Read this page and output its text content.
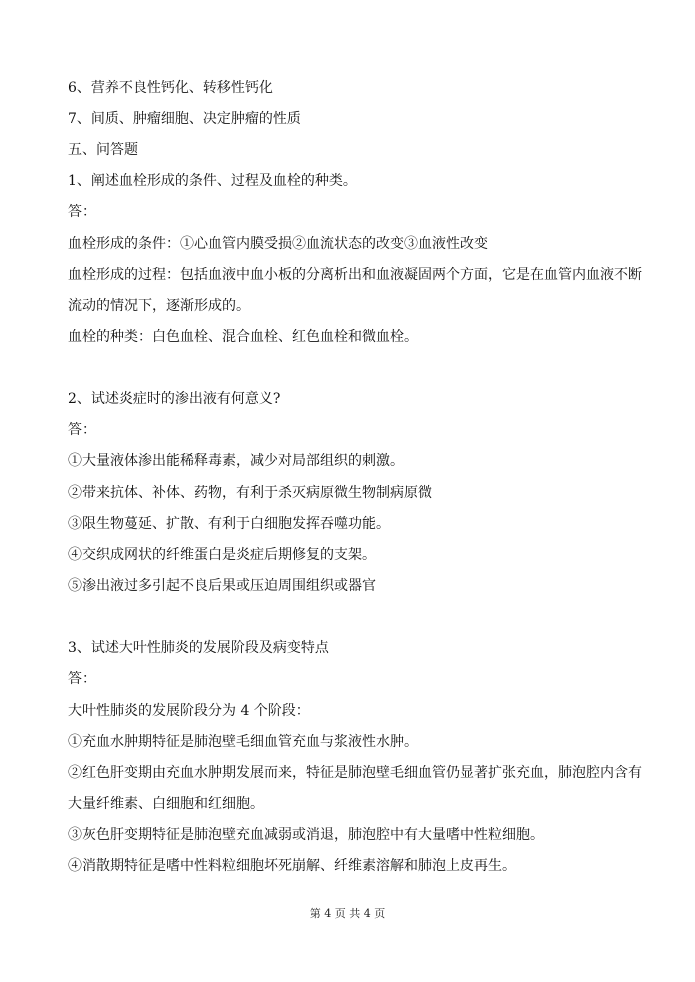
6、营养不良性钙化、转移性钙化
7、间质、肿瘤细胞、决定肿瘤的性质
五、问答题
1、阐述血栓形成的条件、过程及血栓的种类。
答：
血栓形成的条件：①心血管内膜受损②血流状态的改变③血液性改变
血栓形成的过程：包括血液中血小板的分离析出和血液凝固两个方面，它是在血管内血液不断
流动的情况下，逐渐形成的。
血栓的种类：白色血栓、混合血栓、红色血栓和微血栓。
2、试述炎症时的渗出液有何意义?
答：
①大量液体渗出能稀释毒素，减少对局部组织的刺激。
②带来抗体、补体、药物，有利于杀灭病原微生物制病原微
③限生物蔓延、扩散、有利于白细胞发挥吞噬功能。
④交织成网状的纤维蛋白是炎症后期修复的支架。
⑤渗出液过多引起不良后果或压迫周围组织或器官
3、试述大叶性肺炎的发展阶段及病变特点
答：
大叶性肺炎的发展阶段分为 4 个阶段：
①充血水肿期特征是肺泡壁毛细血管充血与浆液性水肿。
②红色肝变期由充血水肿期发展而来，特征是肺泡壁毛细血管仍显著扩张充血，肺泡腔内含有
大量纤维素、白细胞和红细胞。
③灰色肝变期特征是肺泡壁充血减弱或消退，肺泡腔中有大量嗜中性粒细胞。
④消散期特征是嗜中性料粒细胞坏死崩解、纤维素溶解和肺泡上皮再生。
第 4 页 共 4 页
